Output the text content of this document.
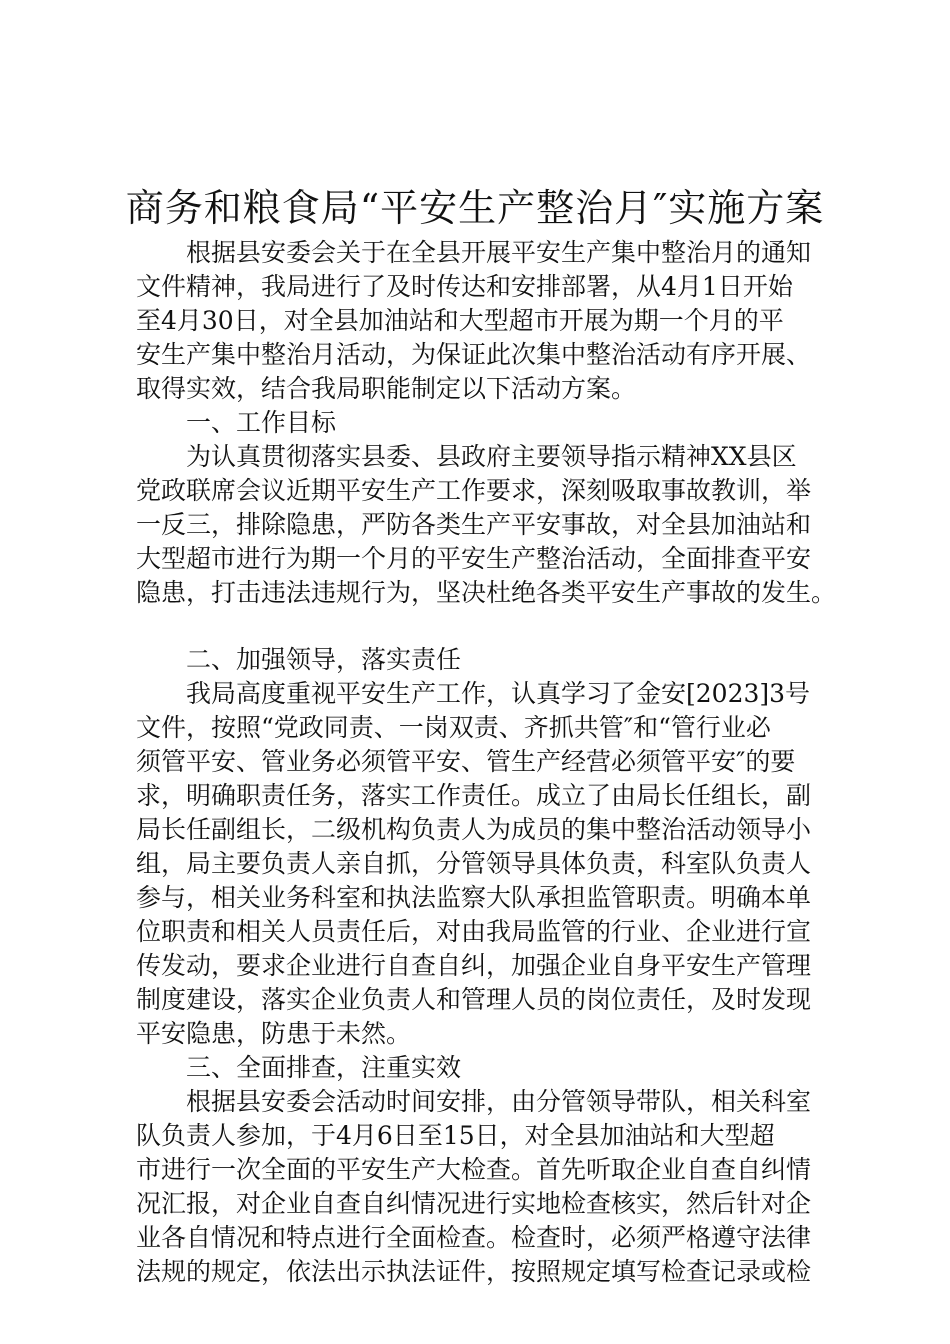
商务和粮食局“平安生产整治月″实施方案

根据县安委会关于在全县开展平安生产集中整治月的通知

文件精神，我局进行了及时传达和安排部署，从4月1日开始

至4月30日，对全县加油站和大型超市开展为期一个月的平

安生产集中整治月活动，为保证此次集中整治活动有序开展、

取得实效，结合我局职能制定以下活动方案。

一、工作目标

为认真贯彻落实县委、县政府主要领导指示精神XX县区

党政联席会议近期平安生产工作要求，深刻吸取事故教训，举

一反三，排除隐患，严防各类生产平安事故，对全县加油站和

大型超市进行为期一个月的平安生产整治活动，全面排查平安

隐患，打击违法违规行为，坚决杜绝各类平安生产事故的发生。

二、加强领导，落实责任

我局高度重视平安生产工作，认真学习了金安[2023]3号

文件，按照“党政同责、一岗双责、齐抓共管″和“管行业必

须管平安、管业务必须管平安、管生产经营必须管平安″的要

求，明确职责任务，落实工作责任。成立了由局长任组长，副

局长任副组长，二级机构负责人为成员的集中整治活动领导小

组，局主要负责人亲自抓，分管领导具体负责，科室队负责人

参与，相关业务科室和执法监察大队承担监管职责。明确本单

位职责和相关人员责任后，对由我局监管的行业、企业进行宣

传发动，要求企业进行自查自纠，加强企业自身平安生产管理

制度建设，落实企业负责人和管理人员的岗位责任，及时发现

平安隐患，防患于未然。

三、全面排查，注重实效

根据县安委会活动时间安排，由分管领导带队，相关科室

队负责人参加，于4月6日至15日，对全县加油站和大型超

市进行一次全面的平安生产大检查。首先听取企业自查自纠情

况汇报，对企业自查自纠情况进行实地检查核实，然后针对企

业各自情况和特点进行全面检查。检查时，必须严格遵守法律

法规的规定，依法出示执法证件，按照规定填写检查记录或检
